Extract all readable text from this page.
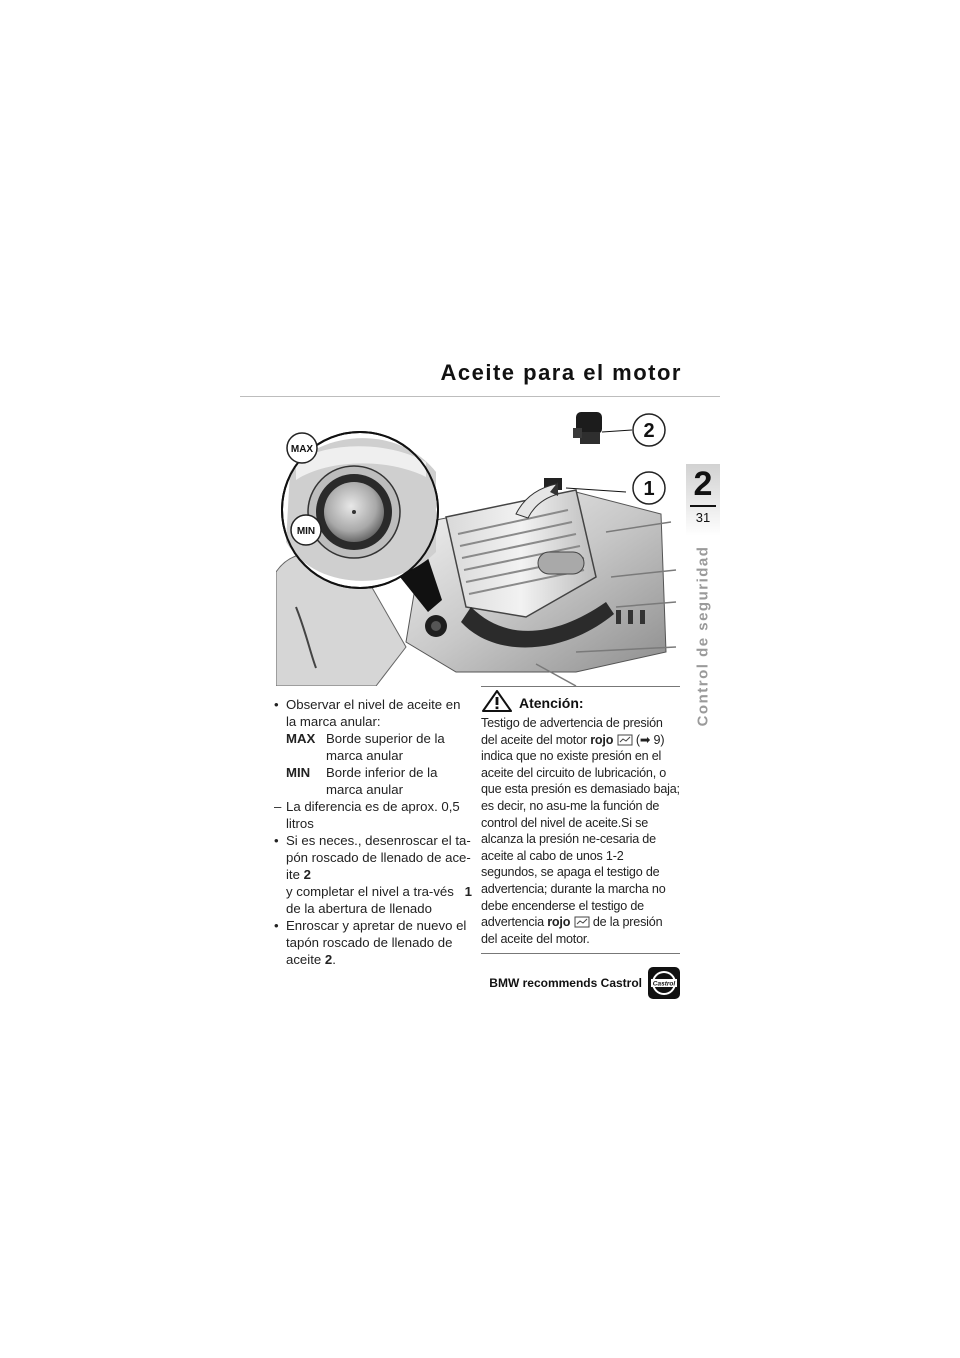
Aceite para el motor
2
31
Control de seguridad
MAX
MIN
2
1
• Observar el nivel de aceite en la marca anular:
MAX Borde superior de la marca anular
MIN	Borde inferior de la marca anular
– La diferencia es de aprox. 0,5 litros
• Si es neces., desenroscar el ta-pón roscado de llenado de ace-ite 2
y completar el nivel a tra-vés de la abertura de llenado
1
• Enroscar y apretar de nuevo el tapón roscado de llenado de aceite 2.
Atención:
Testigo de advertencia de presión del aceite del motor rojo (➡ 9) indica que no existe presión en el aceite del circuito de lubricación, o que esta presión es demasiado baja; es decir, no asu-me la función de control del nivel de aceite.Si se alcanza la presión ne-cesaria de aceite al cabo de unos 1-2 segundos, se apaga el testigo de advertencia; durante la marcha no debe encenderse el testigo de advertencia rojo de la presión del aceite del motor.
BMW recommends Castrol Castrol
